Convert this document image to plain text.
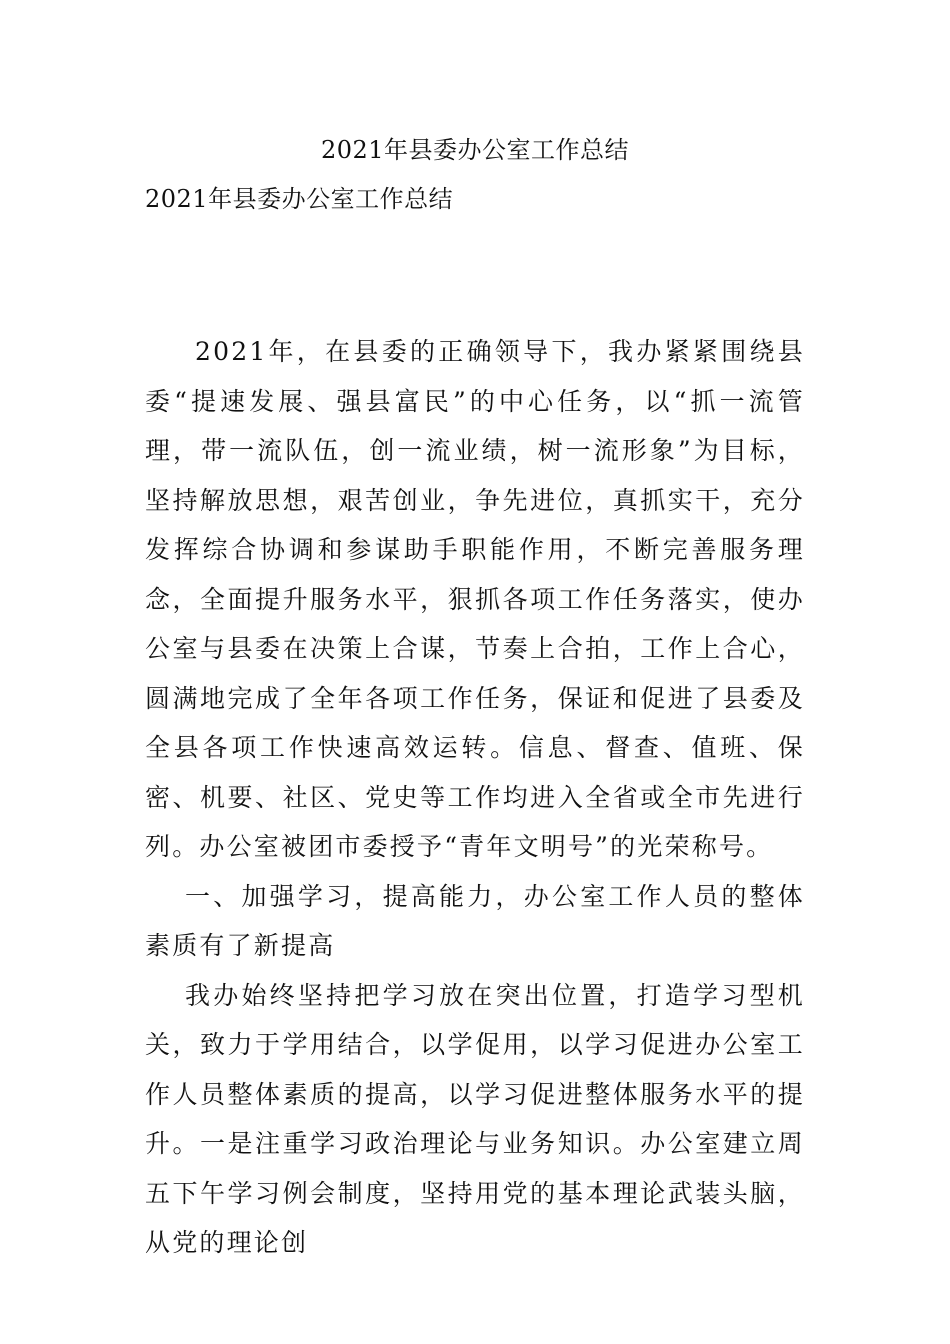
2021年县委办公室工作总结
2021年县委办公室工作总结

2021年，在县委的正确领导下，我办紧紧围绕县委“提速发展、强县富民”的中心任务，以“抓一流管理，带一流队伍，创一流业绩，树一流形象”为目标，坚持解放思想，艰苦创业，争先进位，真抓实干，充分发挥综合协调和参谋助手职能作用，不断完善服务理念，全面提升服务水平，狠抓各项工作任务落实，使办公室与县委在决策上合谋，节奏上合拍，工作上合心，圆满地完成了全年各项工作任务，保证和促进了县委及全县各项工作快速高效运转。信息、督查、值班、保密、机要、社区、党史等工作均进入全省或全市先进行列。办公室被团市委授予“青年文明号”的光荣称号。

一、加强学习，提高能力，办公室工作人员的整体素质有了新提高

我办始终坚持把学习放在突出位置，打造学习型机关，致力于学用结合，以学促用，以学习促进办公室工作人员整体素质的提高，以学习促进整体服务水平的提升。一是注重学习政治理论与业务知识。办公室建立周五下午学习例会制度，坚持用党的基本理论武装头脑，从党的理论创
